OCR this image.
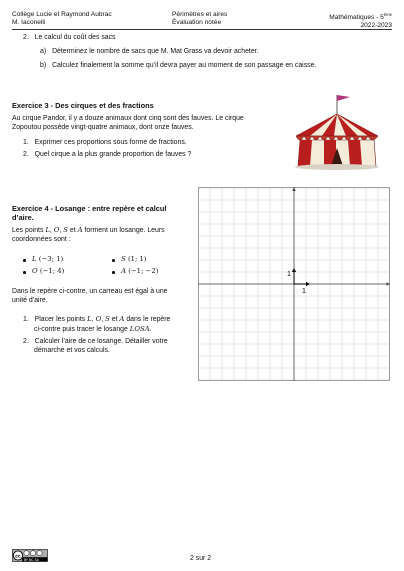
Collège Lucie et Raymond Aubrac
M. Iaconelli
Périmètres et aires
Évaluation notée
Mathématiques - 5ème
2022-2023
2. Le calcul du coût des sacs
a) Déterminez le nombre de sacs que M. Mat Grass va devoir acheter.
b) Calculez finalement la somme qu’il devra payer au moment de son passage en caisse.
Exercice 3 - Des cirques et des fractions
Au cirque Pandor, il y a douze animaux dont cinq sont des fauves. Le cirque
Zopoutou possède vingt-quatre animaux, dont onze fauves.
1. Exprimer ces proportions sous forme de fractions.
2. Quel cirque a la plus grande proportion de fauves ?
Exercice 4 - Losange : entre repère et calcul
d’aire.
Les points L, O, S et A forment un losange. Leurs
coordonnées sont :
L (−3; 1)	S (1; 1)
O (−1; 4)	A (−1; −2)
Dans le repère ci-contre, un carreau est égal à une
unité d’aire.
1. Placer les points L, O, S et A dans le repère
ci-contre puis tracer le losange LOSA.
2. Calculer l’aire de ce losange. Détailler votre
démarche et vos calculs.
1
1
cc
BY NC SA	2 sur 2
